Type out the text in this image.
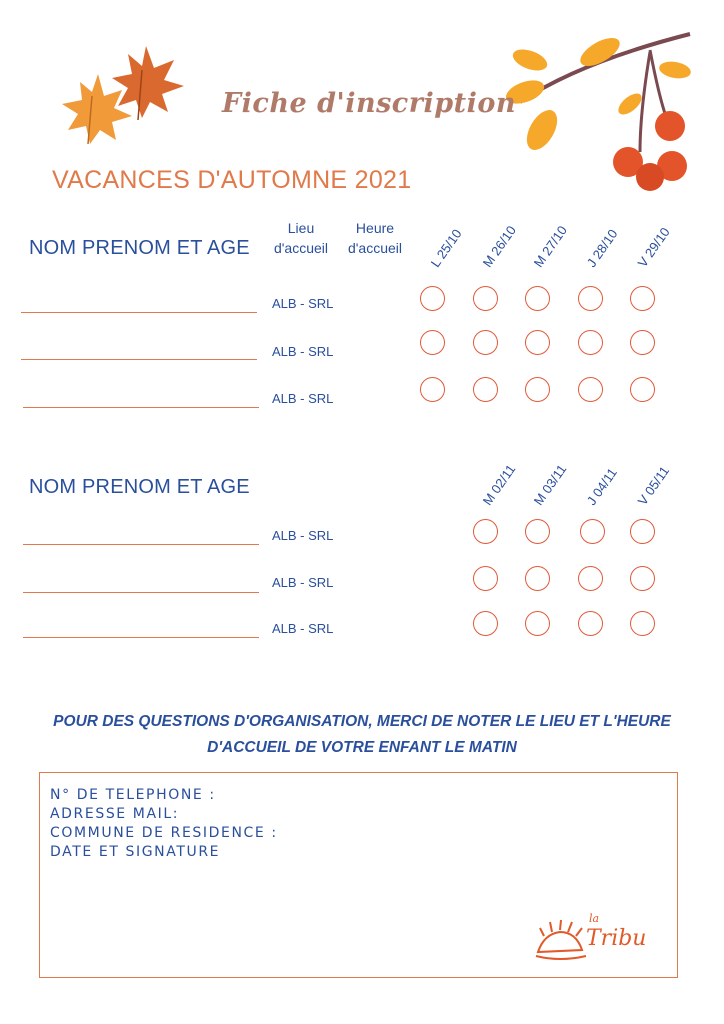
Fiche d'inscription
VACANCES D'AUTOMNE 2021
NOM PRENOM ET AGE
Lieu
d'accueil
Heure
d'accueil	L 25/10 M 26/10 M 27/10 J 28/10 V 29/10
ALB - SRL
ALB - SRL
ALB - SRL
NOM PRENOM ET AGE	M 02/11 M 03/11 J 04/11 V 05/11
ALB - SRL
ALB - SRL
ALB - SRL
POUR DES QUESTIONS D'ORGANISATION, MERCI DE NOTER LE LIEU ET L'HEURE
D'ACCUEIL DE VOTRE ENFANT LE MATIN
N° DE TELEPHONE :
ADRESSE MAIL:
COMMUNE DE RESIDENCE :
DATE ET SIGNATURE
la
Tribu
